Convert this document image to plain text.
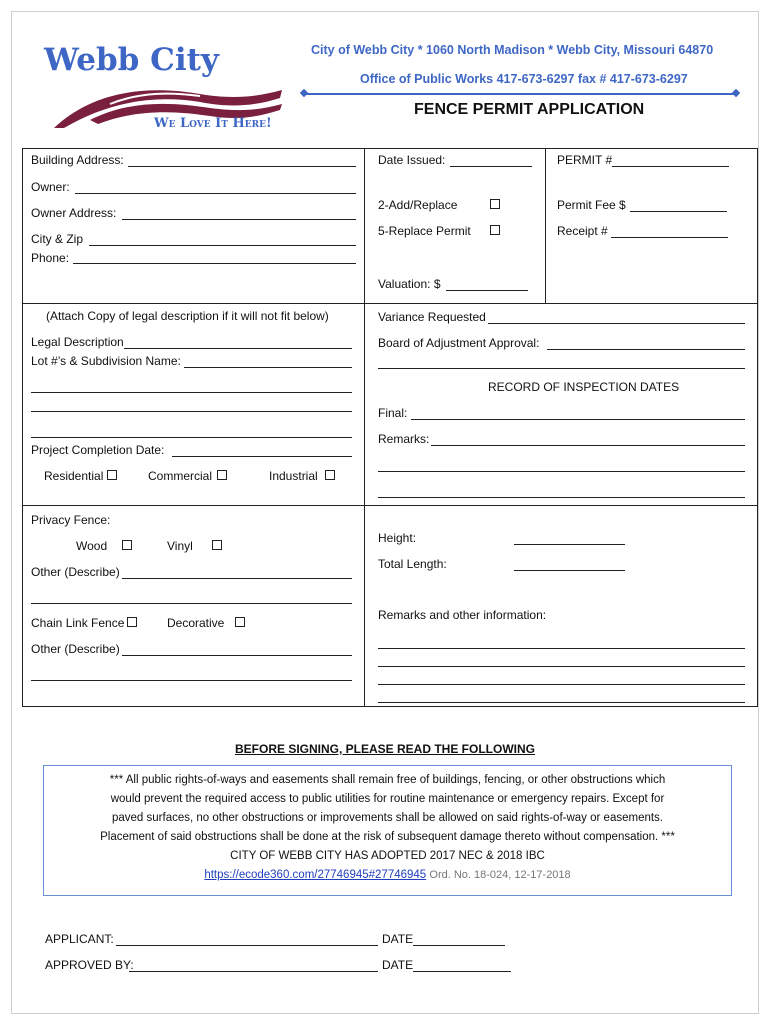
Webb City
We Love It Here!
City of Webb City * 1060 North Madison * Webb City, Missouri 64870
Office of Public Works 417-673-6297 fax # 417-673-6297
FENCE PERMIT APPLICATION
Building Address:
Owner:
Owner Address:
City & Zip
Phone:
Date Issued:	PERMIT #
2-Add/Replace
5-Replace Permit
Permit Fee $
Receipt #
Valuation: $
(Attach Copy of legal description if it will not fit below)
Legal Description
Lot #’s & Subdivision Name:
Project Completion Date:
Residential	Commercial	Industrial
Variance Requested
Board of Adjustment Approval:
RECORD OF INSPECTION DATES
Final:
Remarks:
Privacy Fence:
Wood	Vinyl
Other (Describe)
Chain Link Fence	Decorative
Other (Describe)
Height:
Total Length:
Remarks and other information:
BEFORE SIGNING, PLEASE READ THE FOLLOWING
*** All public rights-of-ways and easements shall remain free of buildings, fencing, or other obstructions which
would prevent the required access to public utilities for routine maintenance or emergency repairs. Except for
paved surfaces, no other obstructions or improvements shall be allowed on said rights-of-way or easements.
Placement of said obstructions shall be done at the risk of subsequent damage thereto without compensation. ***
CITY OF WEBB CITY HAS ADOPTED 2017 NEC & 2018 IBC
https://ecode360.com/27746945#27746945 Ord. No. 18-024, 12-17-2018
APPLICANT:	DATE
APPROVED BY:	DATE
